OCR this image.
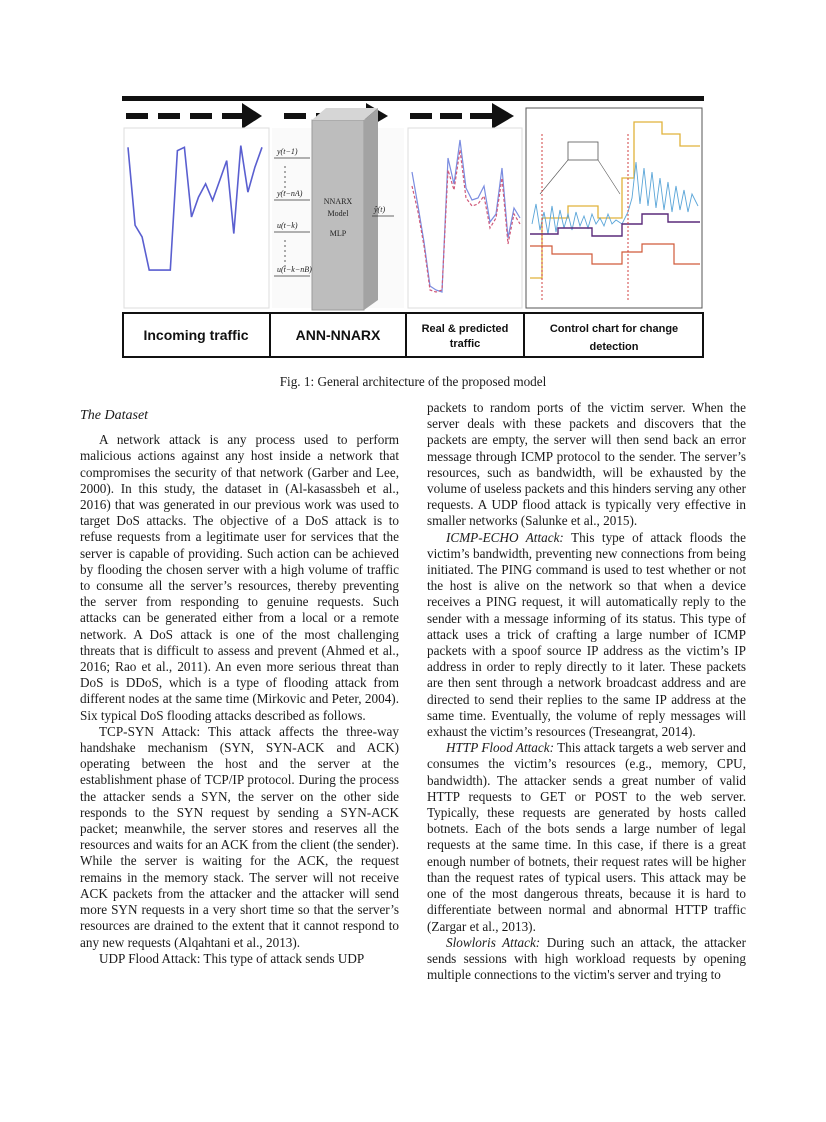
y(t−1)
y(t−nA)
u(t−k)
u(t−k−nB)
ŷ(t)
NNARX
Model
MLP
Incoming traffic	ANN-NNARX	Real & predicted
traffic
Control chart for change
detection
Fig. 1: General architecture of the proposed model
The Dataset

A network attack is any process used to perform malicious actions against any host inside a network that compromises the security of that network (Garber and Lee, 2000). In this study, the dataset in (Al-kasassbeh et al., 2016) that was generated in our previous work was used to target DoS attacks. The objective of a DoS attack is to refuse requests from a legitimate user for services that the server is capable of providing. Such action can be achieved by flooding the chosen server with a high volume of traffic to consume all the server’s resources, thereby preventing the server from responding to genuine requests. Such attacks can be generated either from a local or a remote network. A DoS attack is one of the most challenging threats that is difficult to assess and prevent (Ahmed et al., 2016; Rao et al., 2011). An even more serious threat than DoS is DDoS, which is a type of flooding attack from different nodes at the same time (Mirkovic and Peter, 2004). Six typical DoS flooding attacks described as follows.

TCP-SYN Attack: This attack affects the three-way handshake mechanism (SYN, SYN-ACK and ACK) operating between the host and the server at the establishment phase of TCP/IP protocol. During the process the attacker sends a SYN, the server on the other side responds to the SYN request by sending a SYN-ACK packet; meanwhile, the server stores and reserves all the resources and waits for an ACK from the client (the sender). While the server is waiting for the ACK, the request remains in the memory stack. The server will not receive ACK packets from the attacker and the attacker will send more SYN requests in a very short time so that the server’s resources are drained to the extent that it cannot respond to any new requests (Alqahtani et al., 2013).

UDP Flood Attack: This type of attack sends UDP

packets to random ports of the victim server. When the server deals with these packets and discovers that the packets are empty, the server will then send back an error message through ICMP protocol to the sender. The server’s resources, such as bandwidth, will be exhausted by the volume of useless packets and this hinders serving any other requests. A UDP flood attack is typically very effective in smaller networks (Salunke et al., 2015).

ICMP-ECHO Attack: This type of attack floods the victim’s bandwidth, preventing new connections from being initiated. The PING command is used to test whether or not the host is alive on the network so that when a device receives a PING request, it will automatically reply to the sender with a message informing of its status. This type of attack uses a trick of crafting a large number of ICMP packets with a spoof source IP address as the victim’s IP address in order to reply directly to it later. These packets are then sent through a network broadcast address and are directed to send their replies to the same IP address at the same time. Eventually, the volume of reply messages will exhaust the victim’s resources (Treseangrat, 2014).

HTTP Flood Attack: This attack targets a web server and consumes the victim’s resources (e.g., memory, CPU, bandwidth). The attacker sends a great number of valid HTTP requests to GET or POST to the web server. Typically, these requests are generated by hosts called botnets. Each of the bots sends a large number of legal requests at the same time. In this case, if there is a great enough number of botnets, their request rates will be higher than the request rates of typical users. This attack may be one of the most dangerous threats, because it is hard to differentiate between normal and abnormal HTTP traffic (Zargar et al., 2013).

Slowloris Attack: During such an attack, the attacker sends sessions with high workload requests by opening multiple connections to the victim's server and trying to
